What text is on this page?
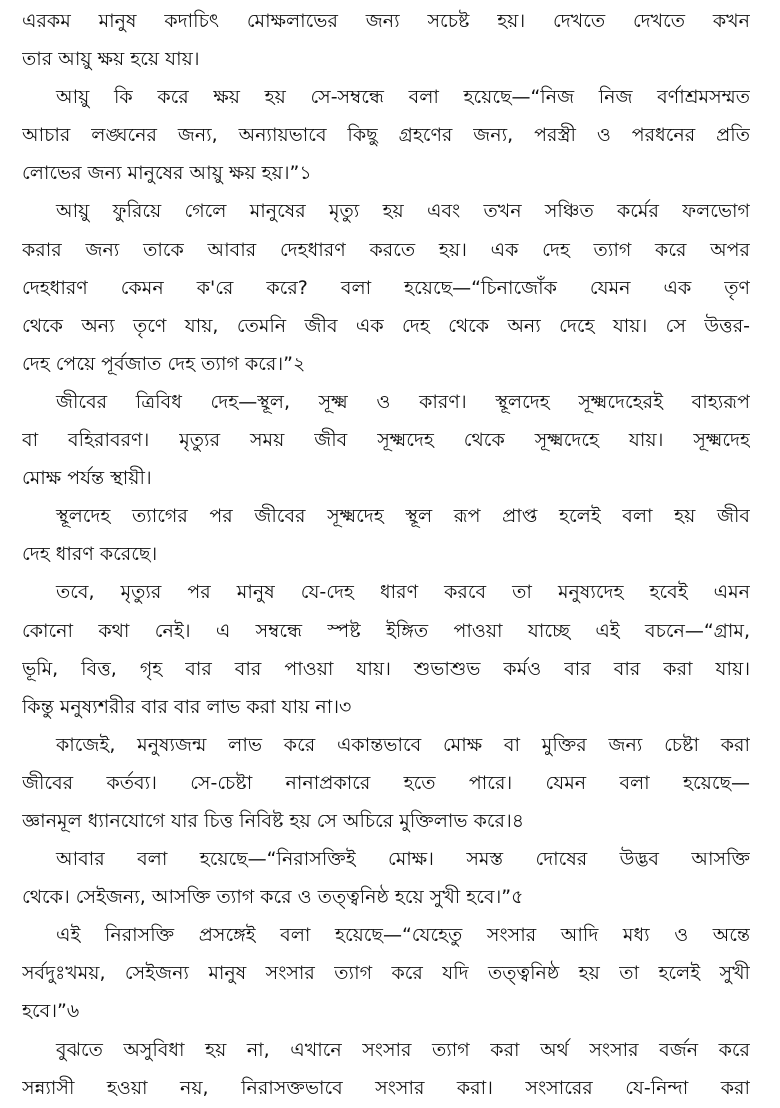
এরকম মানুষ কদাচিৎ মোক্ষলাভের জন্য সচেষ্ট হয়। দেখতে দেখতে কখন
তার আয়ু ক্ষয় হয়ে যায়।
আয়ু কি করে ক্ষয় হয় সে-সম্বন্ধে বলা হয়েছে—“নিজ নিজ বর্ণাশ্রমসম্মত
আচার লঙ্ঘনের জন্য, অন্যায়ভাবে কিছু গ্রহণের জন্য, পরস্ত্রী ও পরধনের প্রতি
লোভের জন্য মানুষের আয়ু ক্ষয় হয়।”১
আয়ু ফুরিয়ে গেলে মানুষের মৃত্যু হয় এবং তখন সঞ্চিত কর্মের ফলভোগ
করার জন্য তাকে আবার দেহধারণ করতে হয়। এক দেহ ত্যাগ করে অপর
দেহধারণ কেমন ক'রে করে? বলা হয়েছে—“চিনাজোঁক যেমন এক তৃণ
থেকে অন্য তৃণে যায়, তেমনি জীব এক দেহ থেকে অন্য দেহে যায়। সে উত্তর-
দেহ পেয়ে পূর্বজাত দেহ ত্যাগ করে।”২
জীবের ত্রিবিধ দেহ—স্থূল, সূক্ষ্ম ও কারণ। স্থূলদেহ সূক্ষ্মদেহেরই বাহ্যরূপ
বা বহিরাবরণ। মৃত্যুর সময় জীব সূক্ষ্মদেহ থেকে সূক্ষ্মদেহে যায়। সূক্ষ্মদেহ
মোক্ষ পর্যন্ত স্থায়ী।
স্থূলদেহ ত্যাগের পর জীবের সূক্ষ্মদেহ স্থূল রূপ প্রাপ্ত হলেই বলা হয় জীব
দেহ ধারণ করেছে।
তবে, মৃত্যুর পর মানুষ যে-দেহ ধারণ করবে তা মনুষ্যদেহ হবেই এমন
কোনো কথা নেই। এ সম্বন্ধে স্পষ্ট ইঙ্গিত পাওয়া যাচ্ছে এই বচনে—“গ্রাম,
ভূমি, বিত্ত, গৃহ বার বার পাওয়া যায়। শুভাশুভ কর্মও বার বার করা যায়।
কিন্তু মনুষ্যশরীর বার বার লাভ করা যায় না।৩
কাজেই, মনুষ্যজন্ম লাভ করে একান্তভাবে মোক্ষ বা মুক্তির জন্য চেষ্টা করা
জীবের কর্তব্য। সে-চেষ্টা নানাপ্রকারে হতে পারে। যেমন বলা হয়েছে—
জ্ঞানমূল ধ্যানযোগে যার চিত্ত নিবিষ্ট হয় সে অচিরে মুক্তিলাভ করে।৪
আবার বলা হয়েছে—“নিরাসক্তিই মোক্ষ। সমস্ত দোষের উদ্ভব আসক্তি
থেকে। সেইজন্য, আসক্তি ত্যাগ করে ও তত্ত্বনিষ্ঠ হয়ে সুখী হবে।”৫
এই নিরাসক্তি প্রসঙ্গেই বলা হয়েছে—“যেহেতু সংসার আদি মধ্য ও অন্তে
সর্বদুঃখময়, সেইজন্য মানুষ সংসার ত্যাগ করে যদি তত্ত্বনিষ্ঠ হয় তা হলেই সুখী
হবে।”৬
বুঝতে অসুবিধা হয় না, এখানে সংসার ত্যাগ করা অর্থ সংসার বর্জন করে
সন্ন্যাসী হওয়া নয়, নিরাসক্তভাবে সংসার করা। সংসারের যে-নিন্দা করা
